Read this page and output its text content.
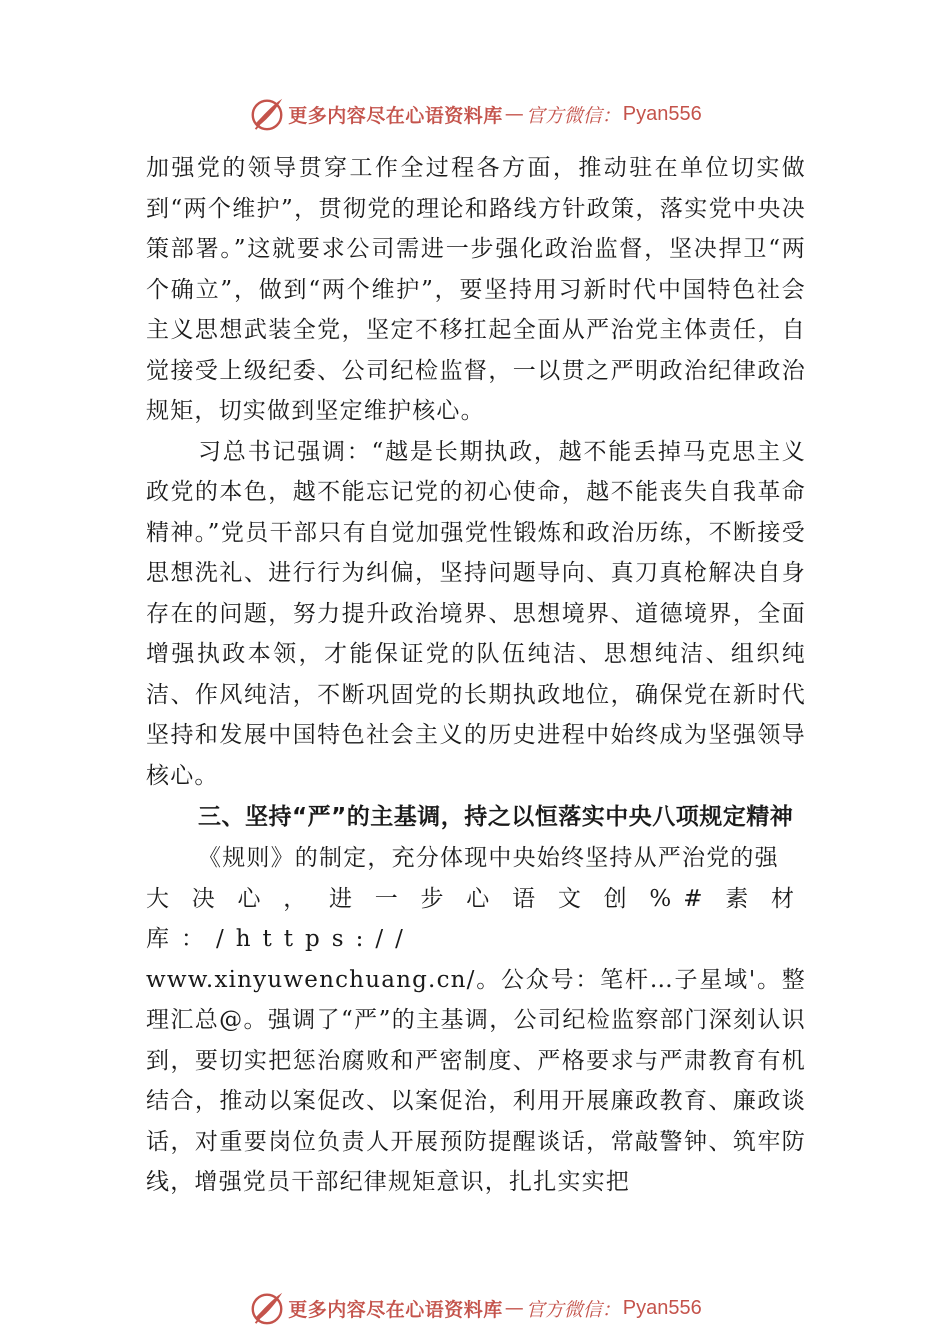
更多内容尽在心语资料库 — 官方微信： Pyan556

加强党的领导贯穿工作全过程各方面，推动驻在单位切实做到“两个维护”，贯彻党的理论和路线方针政策，落实党中央决策部署。”这就要求公司需进一步强化政治监督，坚决捍卫“两个确立”，做到“两个维护”，要坚持用习新时代中国特色社会主义思想武装全党，坚定不移扛起全面从严治党主体责任，自觉接受上级纪委、公司纪检监督，一以贯之严明政治纪律政治规矩，切实做到坚定维护核心。

习总书记强调：“越是长期执政，越不能丢掉马克思主义政党的本色，越不能忘记党的初心使命，越不能丧失自我革命精神。”党员干部只有自觉加强党性锻炼和政治历练，不断接受思想洗礼、进行行为纠偏，坚持问题导向、真刀真枪解决自身存在的问题，努力提升政治境界、思想境界、道德境界，全面增强执政本领，才能保证党的队伍纯洁、思想纯洁、组织纯洁、作风纯洁，不断巩固党的长期执政地位，确保党在新时代坚持和发展中国特色社会主义的历史进程中始终成为坚强领导核心。

三、坚持“严”的主基调，持之以恒落实中央八项规定精神

《规则》的制定，充分体现中央始终坚持从严治党的强

大决心，进一步心语文创%#素材库：/https://

www.xinyuwenchuang.cn/。公众号：笔杆…子星域'。整理汇总@。强调了“严”的主基调，公司纪检监察部门深刻认识到，要切实把惩治腐败和严密制度、严格要求与严肃教育有机结合，推动以案促改、以案促治，利用开展廉政教育、廉政谈话，对重要岗位负责人开展预防提醒谈话，常敲警钟、筑牢防线，增强党员干部纪律规矩意识，扎扎实实把

更多内容尽在心语资料库 — 官方微信： Pyan556
